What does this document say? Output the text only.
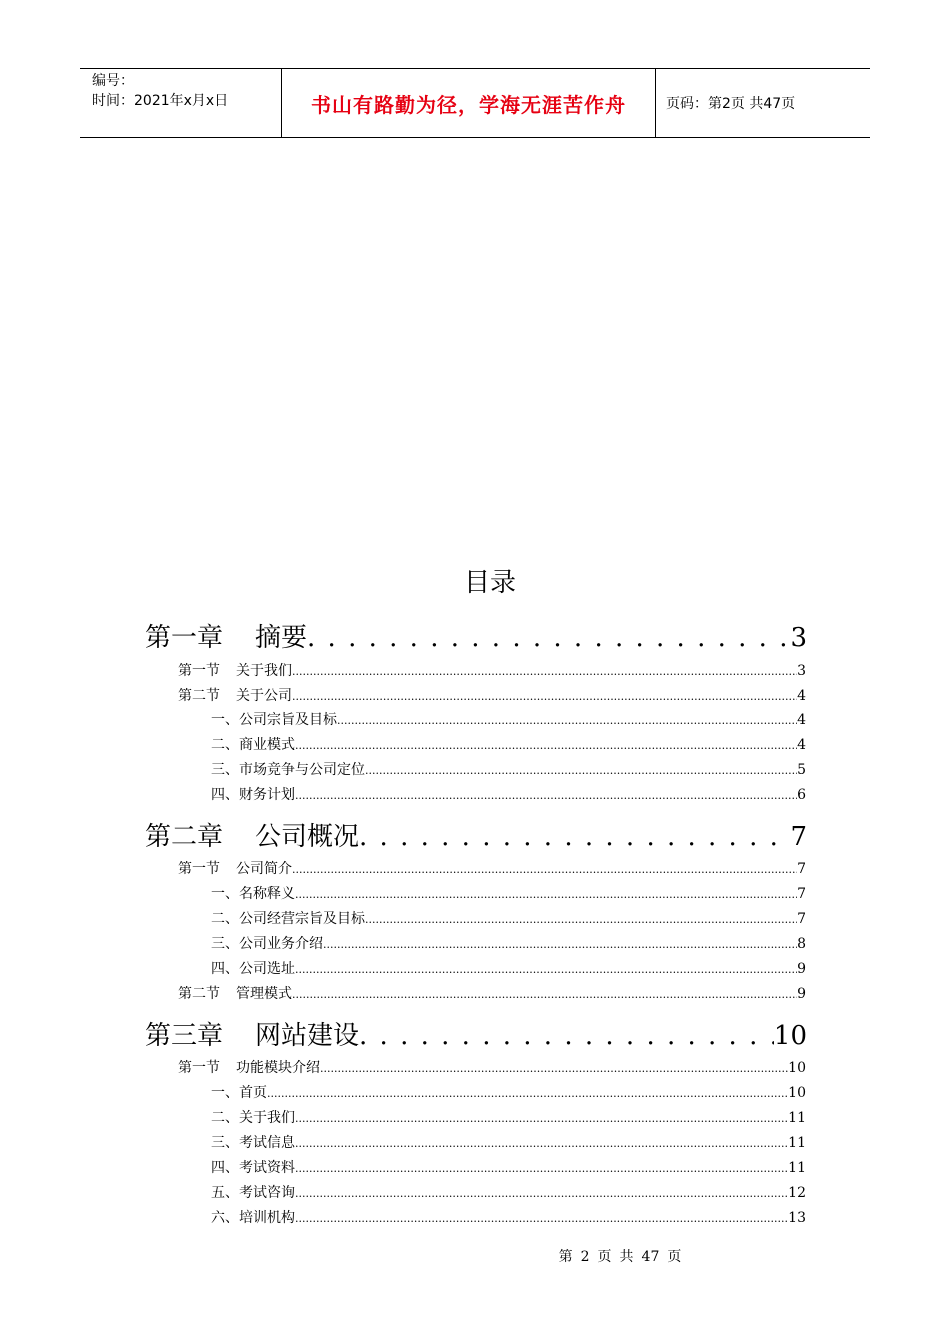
编号：
时间：2021年x月x日	书山有路勤为径，学海无涯苦作舟	页码：第2页 共47页
目录
第一章 摘要 . . .	3
第一节 关于我们 .....	3
第二节 关于公司 .....	4
一、 公司宗旨及目标 .....	4
二、 商业模式 .....	4
三、 市场竞争与公司定位 .....	5
四、 财务计划 .....	6
第二章 公司概况 . . .	7
第一节 公司简介 .....	7
一、 名称释义 .....	7
二、 公司经营宗旨及目标 .....	7
三、 公司业务介绍 .....	8
四、 公司选址 .....	9
第二节 管理模式 .....	9
第三章 网站建设 . . .	10
第一节 功能模块介绍 .....	10
一、 首页 .....	10
二、 关于我们 .....	11
三、 考试信息 .....	11
四、 考试资料 .....	11
五、 考试咨询 .....	12
六、 培训机构 .....	13
第 2 页 共 47 页
